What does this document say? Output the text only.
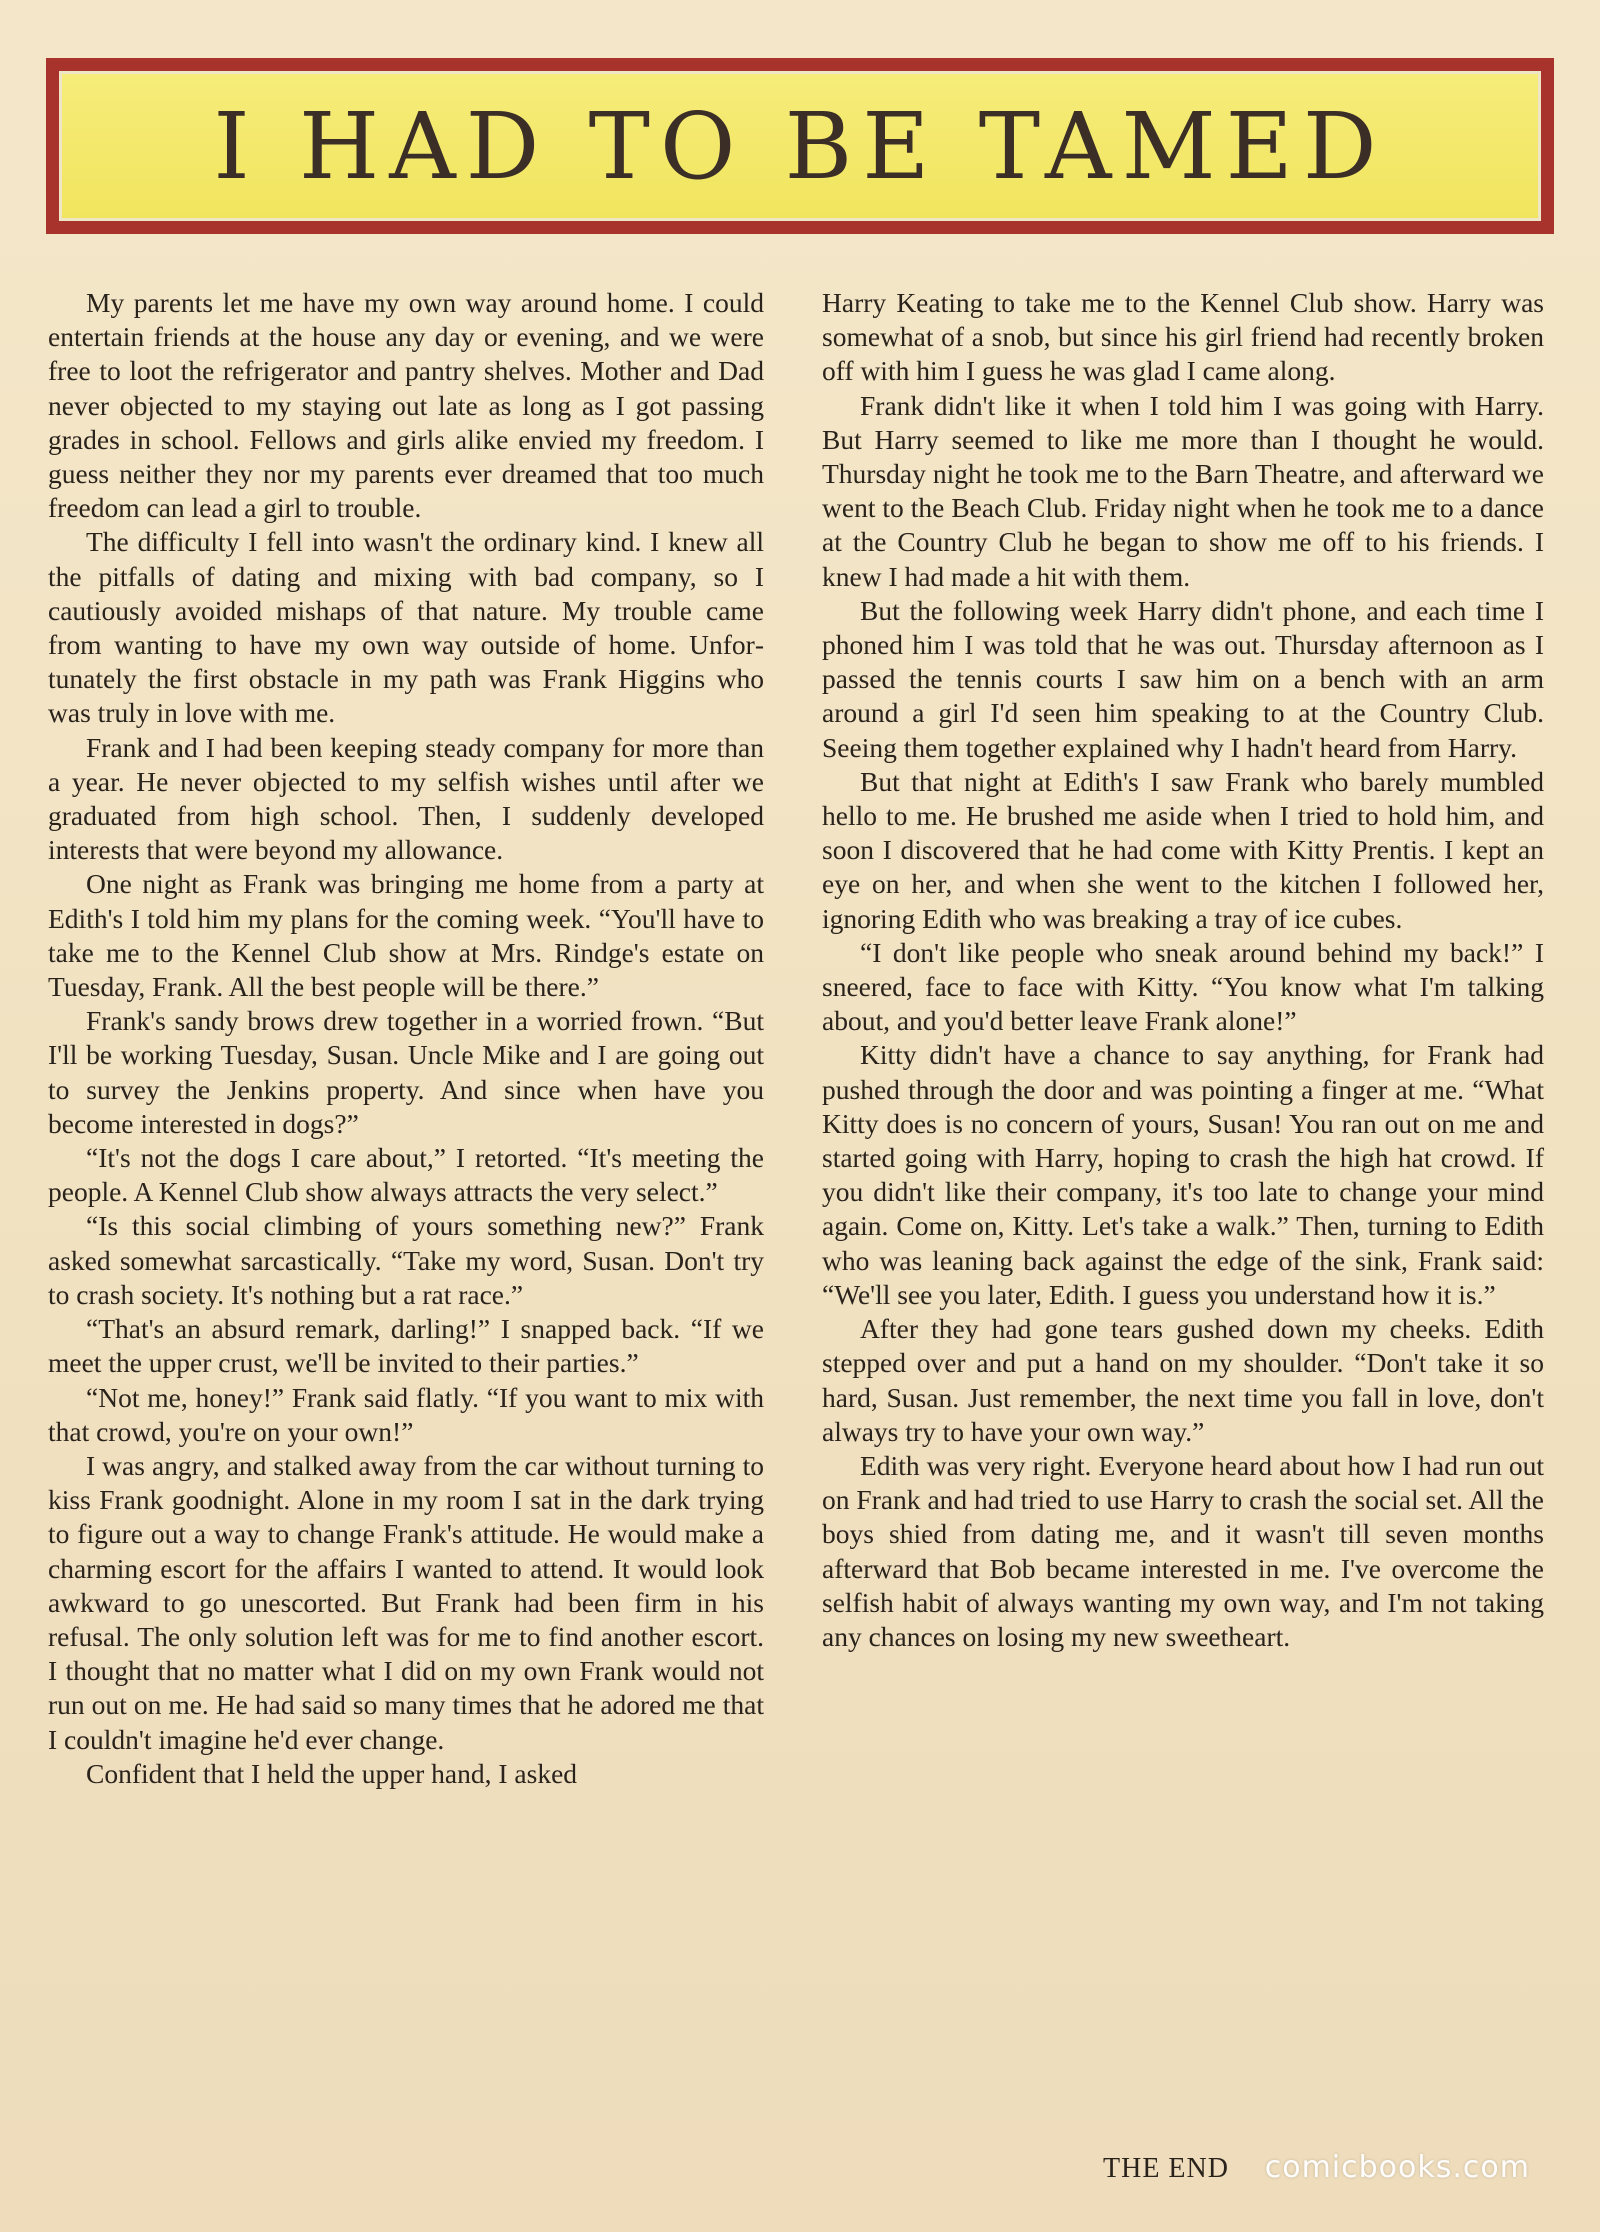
I HAD TO BE TAMED

My parents let me have my own way around home. I could entertain friends at the house any day or evening, and we were free to loot the refrigerator and pantry shelves. Mother and Dad never objected to my staying out late as long as I got passing grades in school. Fellows and girls alike envied my freedom. I guess neither they nor my parents ever dreamed that too much freedom can lead a girl to trouble.

The difficulty I fell into wasn't the ordinary kind. I knew all the pitfalls of dating and mixing with bad company, so I cautiously avoided mishaps of that nature. My trouble came from wanting to have my own way outside of home. Unfortunately the first obstacle in my path was Frank Higgins who was truly in love with me.

Frank and I had been keeping steady company for more than a year. He never objected to my selfish wishes until after we graduated from high school. Then, I suddenly developed interests that were beyond my allowance.

One night as Frank was bringing me home from a party at Edith's I told him my plans for the coming week. “You'll have to take me to the Kennel Club show at Mrs. Rindge's estate on Tuesday, Frank. All the best people will be there.”

Frank's sandy brows drew together in a worried frown. “But I'll be working Tuesday, Susan. Uncle Mike and I are going out to survey the Jenkins property. And since when have you become interested in dogs?”

“It's not the dogs I care about,” I retorted. “It's meeting the people. A Kennel Club show always attracts the very select.”

“Is this social climbing of yours something new?” Frank asked somewhat sarcastically. “Take my word, Susan. Don't try to crash society. It's nothing but a rat race.”

“That's an absurd remark, darling!” I snapped back. “If we meet the upper crust, we'll be invited to their parties.”

“Not me, honey!” Frank said flatly. “If you want to mix with that crowd, you're on your own!”

I was angry, and stalked away from the car without turning to kiss Frank goodnight. Alone in my room I sat in the dark trying to figure out a way to change Frank's attitude. He would make a charming escort for the affairs I wanted to attend. It would look awkward to go unescorted. But Frank had been firm in his refusal. The only solution left was for me to find another escort. I thought that no matter what I did on my own Frank would not run out on me. He had said so many times that he adored me that I couldn't imagine he'd ever change.

Confident that I held the upper hand, I asked

Harry Keating to take me to the Kennel Club show. Harry was somewhat of a snob, but since his girl friend had recently broken off with him I guess he was glad I came along.

Frank didn't like it when I told him I was going with Harry. But Harry seemed to like me more than I thought he would. Thursday night he took me to the Barn Theatre, and afterward we went to the Beach Club. Friday night when he took me to a dance at the Country Club he began to show me off to his friends. I knew I had made a hit with them.

But the following week Harry didn't phone, and each time I phoned him I was told that he was out. Thursday afternoon as I passed the tennis courts I saw him on a bench with an arm around a girl I'd seen him speaking to at the Country Club. Seeing them together explained why I hadn't heard from Harry.

But that night at Edith's I saw Frank who barely mumbled hello to me. He brushed me aside when I tried to hold him, and soon I discovered that he had come with Kitty Prentis. I kept an eye on her, and when she went to the kitchen I followed her, ignoring Edith who was breaking a tray of ice cubes.

“I don't like people who sneak around behind my back!” I sneered, face to face with Kitty. “You know what I'm talking about, and you'd better leave Frank alone!”

Kitty didn't have a chance to say anything, for Frank had pushed through the door and was pointing a finger at me. “What Kitty does is no concern of yours, Susan! You ran out on me and started going with Harry, hoping to crash the high hat crowd. If you didn't like their company, it's too late to change your mind again. Come on, Kitty. Let's take a walk.” Then, turning to Edith who was leaning back against the edge of the sink, Frank said: “We'll see you later, Edith. I guess you understand how it is.”

After they had gone tears gushed down my cheeks. Edith stepped over and put a hand on my shoulder. “Don't take it so hard, Susan. Just remember, the next time you fall in love, don't always try to have your own way.”

Edith was very right. Everyone heard about how I had run out on Frank and had tried to use Harry to crash the social set. All the boys shied from dating me, and it wasn't till seven months afterward that Bob became interested in me. I've overcome the selfish habit of always wanting my own way, and I'm not taking any chances on losing my new sweetheart.

THE END comicbooks.com
